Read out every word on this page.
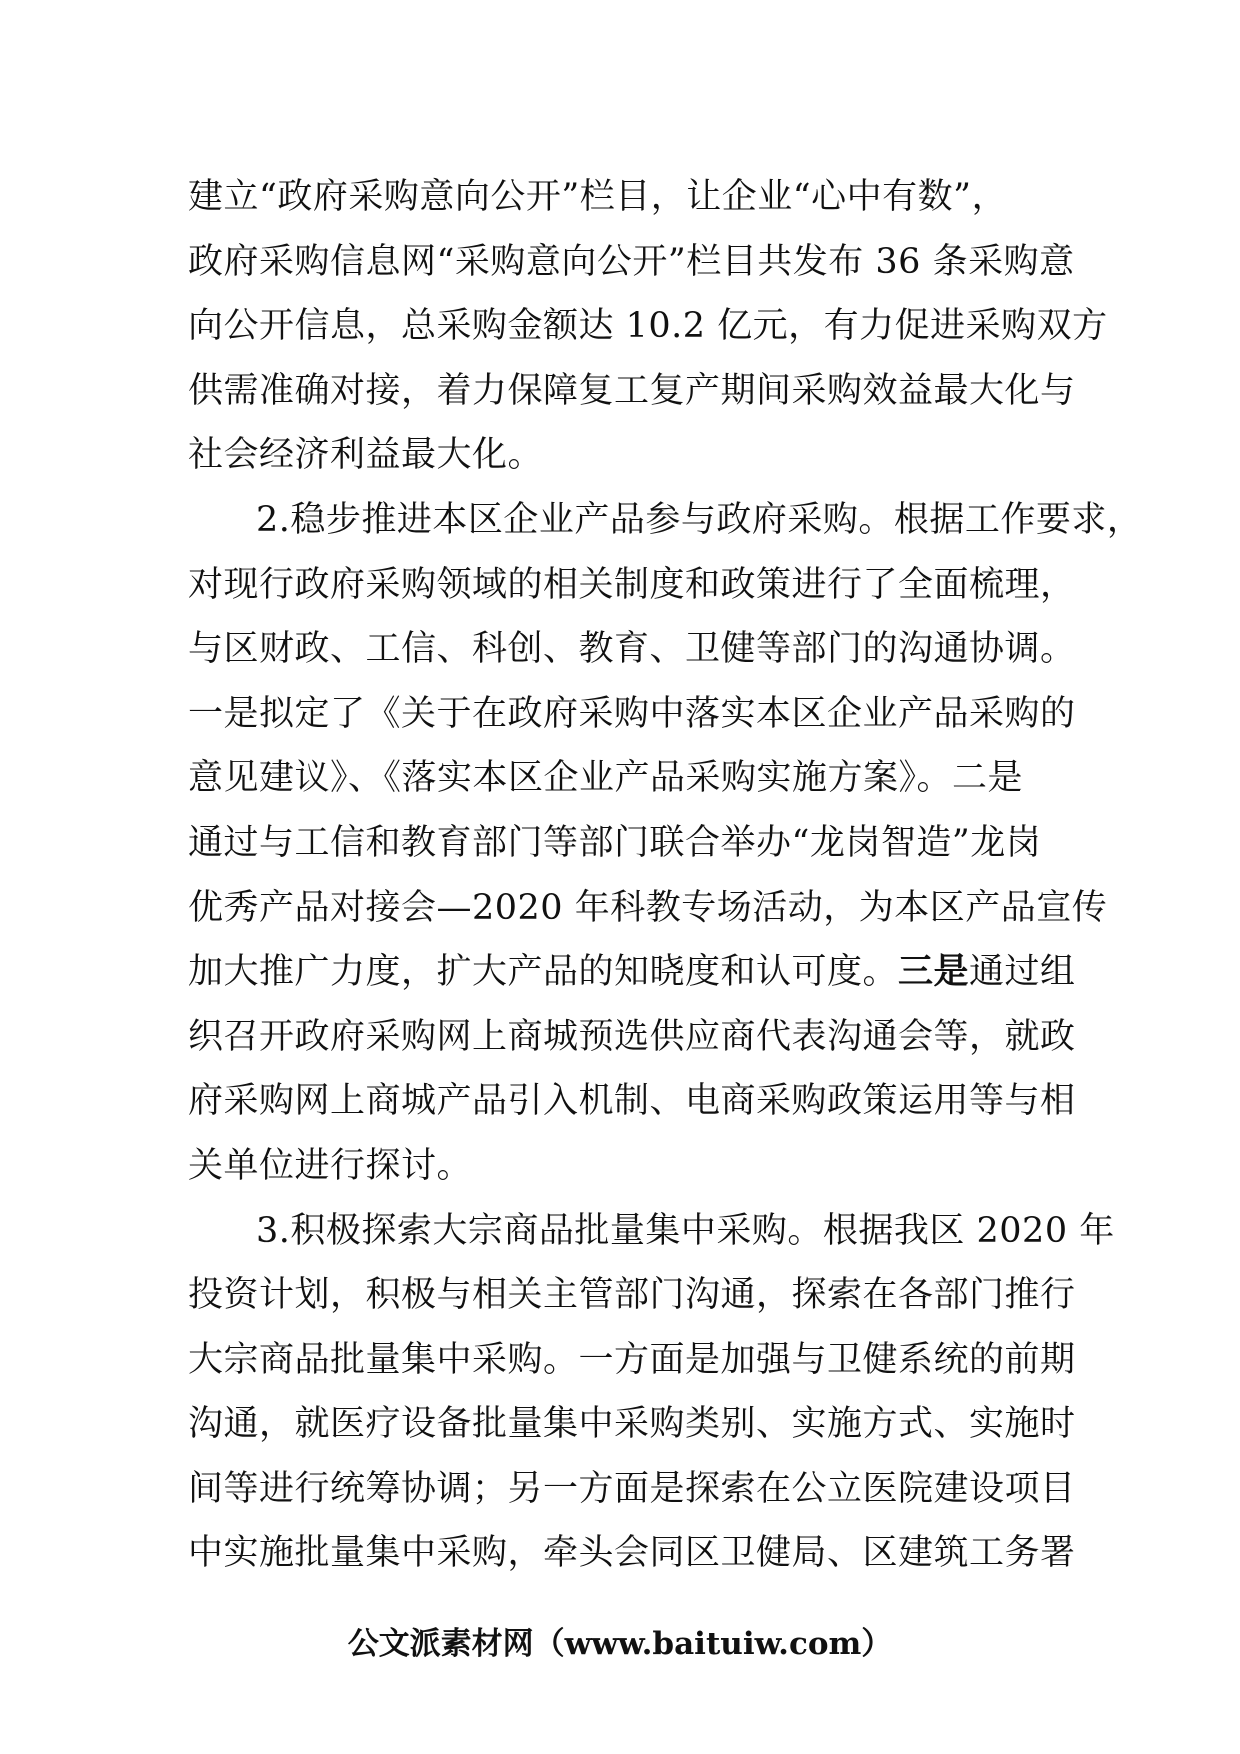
建立“政府采购意向公开”栏目，让企业“心中有数”，
政府采购信息网“采购意向公开”栏目共发布 36 条采购意
向公开信息，总采购金额达 10.2 亿元，有力促进采购双方
供需准确对接，着力保障复工复产期间采购效益最大化与
社会经济利益最大化。
2.稳步推进本区企业产品参与政府采购。根据工作要求，
对现行政府采购领域的相关制度和政策进行了全面梳理，
与区财政、工信、科创、教育、卫健等部门的沟通协调。
一是拟定了《关于在政府采购中落实本区企业产品采购的
意见建议》、《落实本区企业产品采购实施方案》。二是
通过与工信和教育部门等部门联合举办“龙岗智造”龙岗
优秀产品对接会—2020 年科教专场活动，为本区产品宣传
加大推广力度，扩大产品的知晓度和认可度。三是通过组
织召开政府采购网上商城预选供应商代表沟通会等，就政
府采购网上商城产品引入机制、电商采购政策运用等与相
关单位进行探讨。
3.积极探索大宗商品批量集中采购。根据我区 2020 年
投资计划，积极与相关主管部门沟通，探索在各部门推行
大宗商品批量集中采购。一方面是加强与卫健系统的前期
沟通，就医疗设备批量集中采购类别、实施方式、实施时
间等进行统筹协调；另一方面是探索在公立医院建设项目
中实施批量集中采购，牵头会同区卫健局、区建筑工务署
公文派素材网（www.baituiw.com）
